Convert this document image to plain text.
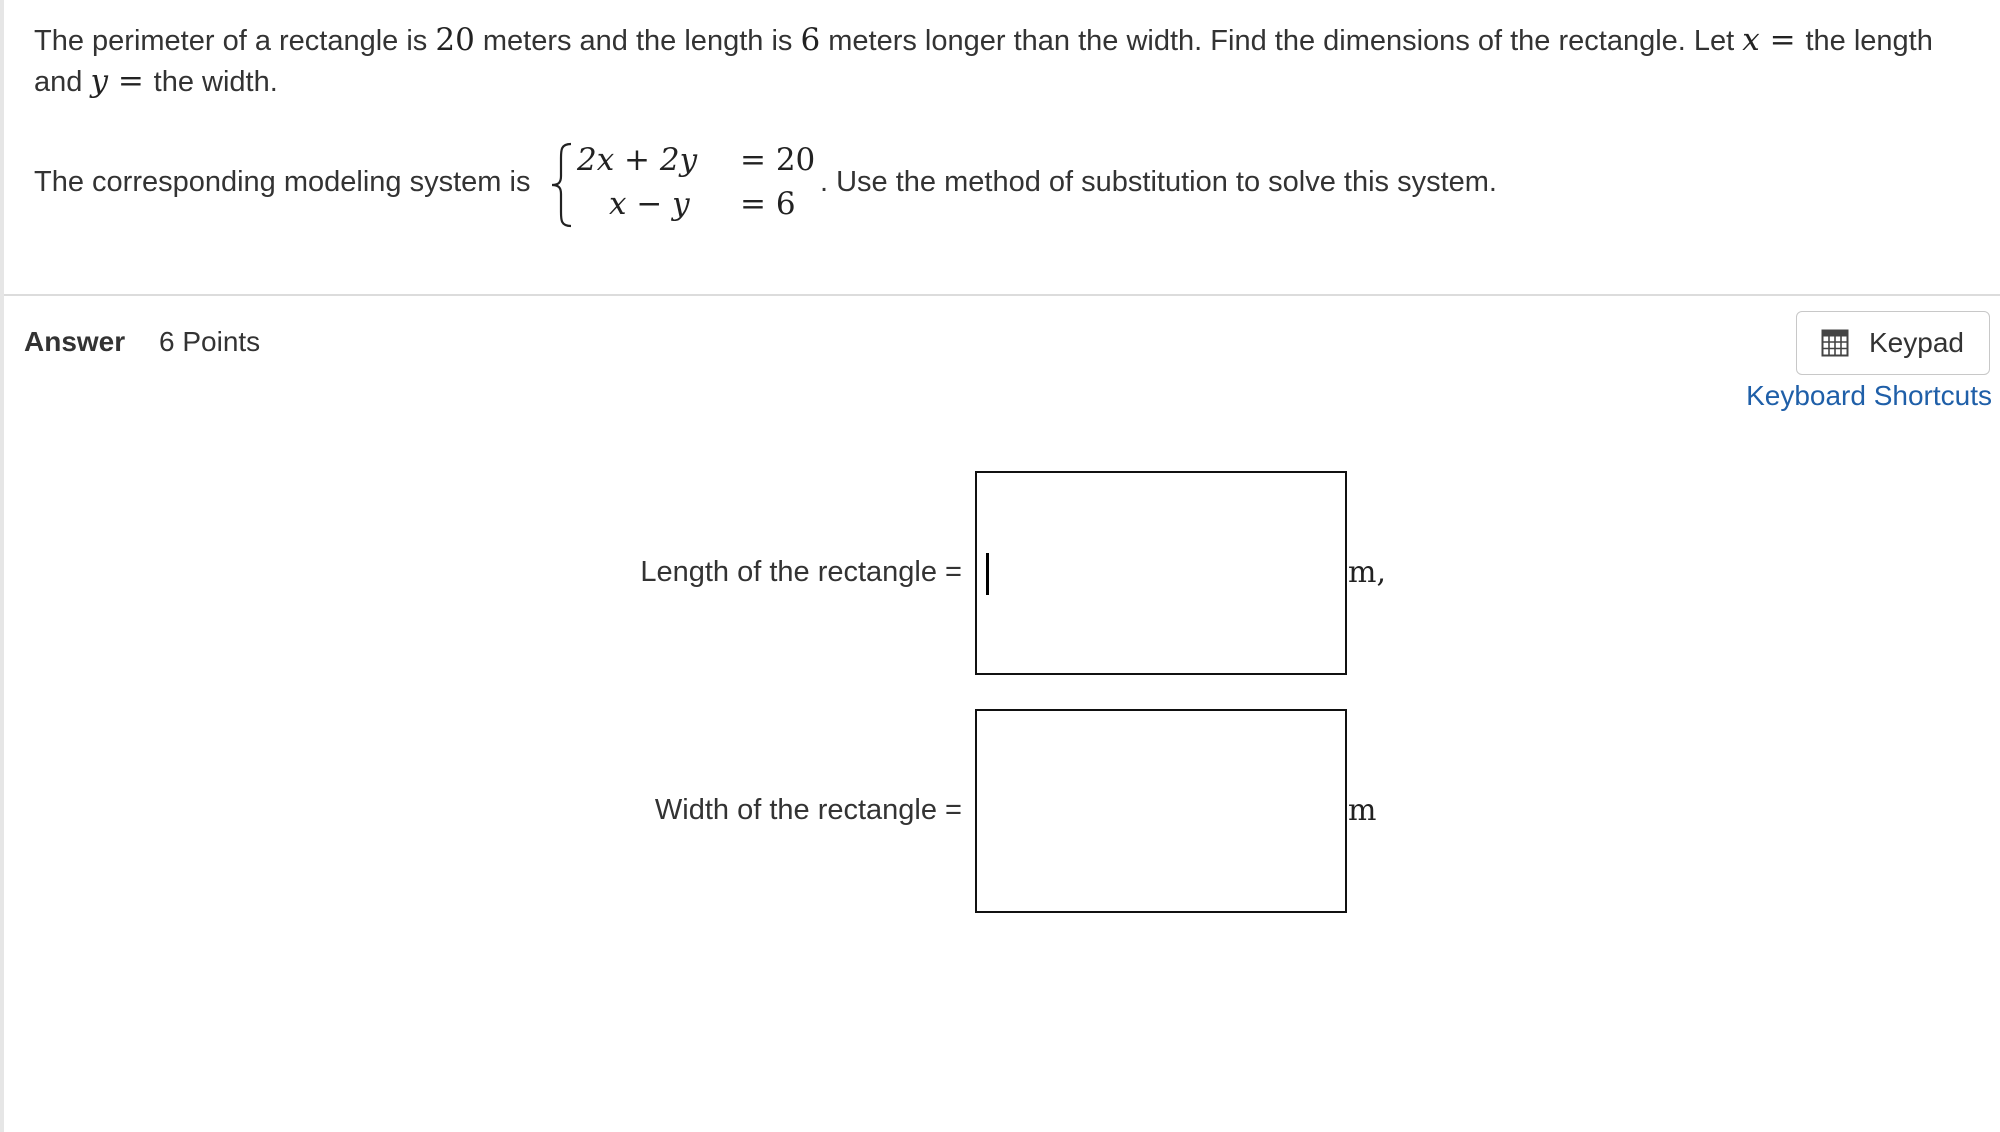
The perimeter of a rectangle is 20 meters and the length is 6 meters longer than the width. Find the dimensions of the rectangle. Let x = the length and y = the width.
The corresponding modeling system is
2x + 2y = 20
x − y = 6
. Use the method of substitution to solve this system.
Answer 6 Points	Keypad
Keyboard Shortcuts
Length of the rectangle =	m,
Width of the rectangle =	m
